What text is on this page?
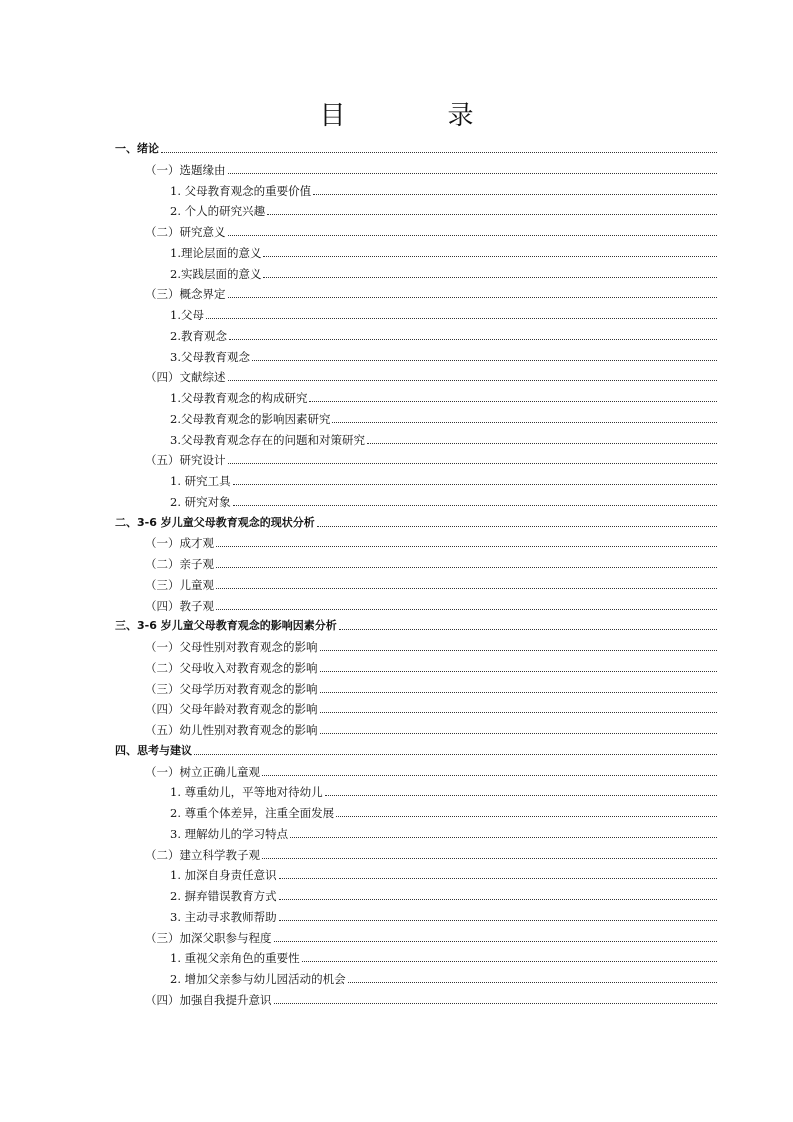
目　录
一、绪论
（一）选题缘由
1. 父母教育观念的重要价值
2. 个人的研究兴趣
（二）研究意义
1.理论层面的意义
2.实践层面的意义
（三）概念界定
1.父母
2.教育观念
3.父母教育观念
（四）文献综述
1.父母教育观念的构成研究
2.父母教育观念的影响因素研究
3.父母教育观念存在的问题和对策研究
（五）研究设计
1. 研究工具
2. 研究对象
二、3-6 岁儿童父母教育观念的现状分析
（一）成才观
（二）亲子观
（三）儿童观
（四）教子观
三、3-6 岁儿童父母教育观念的影响因素分析
（一）父母性别对教育观念的影响
（二）父母收入对教育观念的影响
（三）父母学历对教育观念的影响
（四）父母年龄对教育观念的影响
（五）幼儿性别对教育观念的影响
四、思考与建议
（一）树立正确儿童观
1. 尊重幼儿，平等地对待幼儿
2. 尊重个体差异，注重全面发展
3. 理解幼儿的学习特点
（二）建立科学教子观
1. 加深自身责任意识
2. 摒弃错误教育方式
3. 主动寻求教师帮助
（三）加深父职参与程度
1. 重视父亲角色的重要性
2. 增加父亲参与幼儿园活动的机会
（四）加强自我提升意识
